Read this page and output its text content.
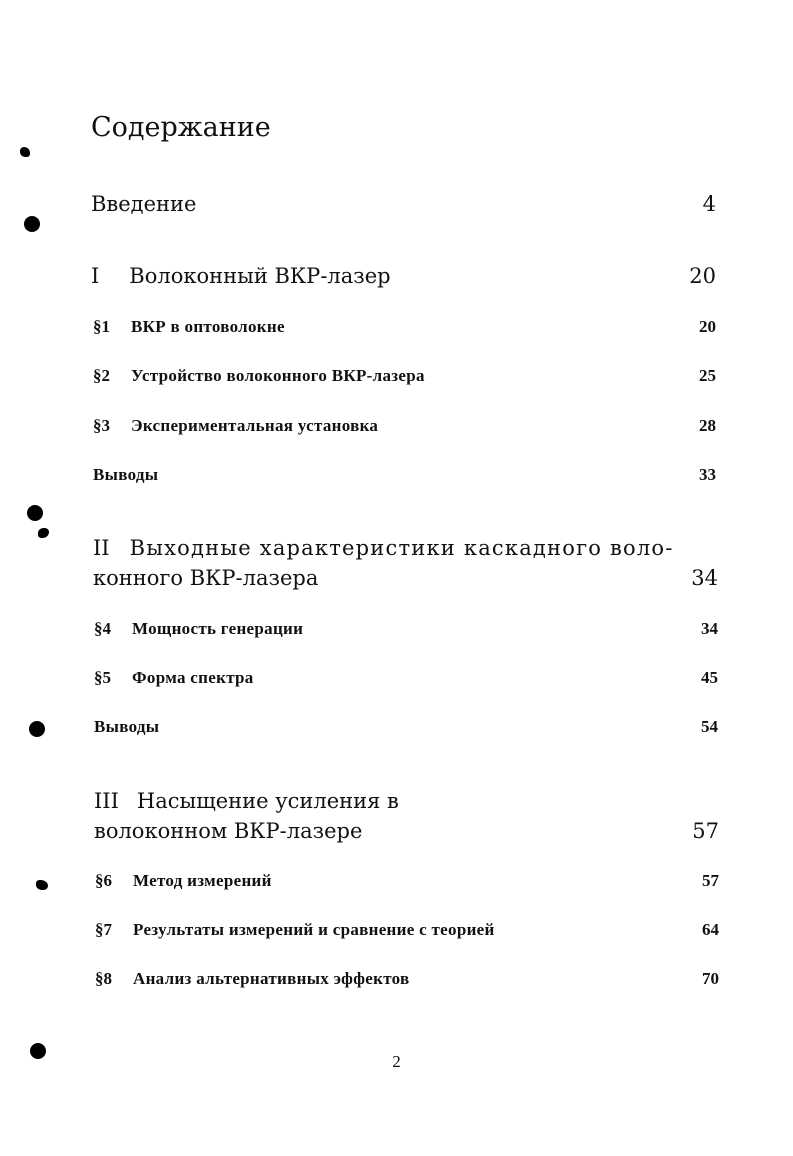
Содержание
Введение	4
I Волоконный ВКР-лазер	20
§1	ВКР в оптоволокне	20
§2	Устройство волоконного ВКР-лазера	25
§3	Экспериментальная установка	28
Выводы	33
II Выходные характеристики каскадного воло-
конного ВКР-лазера	34
§4	Мощность генерации	34
§5	Форма спектра	45
Выводы	54
III Насыщение усиления в
волоконном ВКР-лазере	57
§6	Метод измерений	57
§7	Результаты измерений и сравнение с теорией	64
§8	Анализ альтернативных эффектов	70
2
